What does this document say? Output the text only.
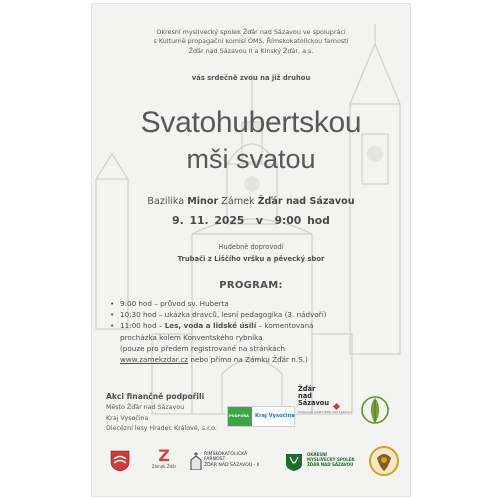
Okresní myslivecký spolek Žďár nad Sázavou ve spolupráci
s Kulturně propagační komisí OMS, Římskokatolickou farností
Žďár nad Sázavou II a Kinský Žďár, a.s.
vás srdečně zvou na již druhou
Svatohubertskou
mši svatou
Bazilika Minor Zámek Žďár nad Sázavou
9. 11. 2025  v  9:00 hod
Hudebně doprovodí
Trubači z Liščího vršku a pěvecký sbor
PROGRAM:
• 9:00 hod – průvod sv. Huberta
• 10:30 hod – ukázka dravců, lesní pedagogika (3. nádvoří)
• 11:00 hod – Les, voda a lidské úsilí – komentovaná
procházka kolem Konventského rybníka
(pouze pro předem registrované na stránkách
www.zamekzdar.cz nebo přímo na Zámku Žďár n.S.)
Akci finančně podpořili
Město Žďár nad Sázavou
Kraj Vysočina
Diecézní lesy Hradec Králové, s.r.o.
PODPORA Kraj Vysočina
Žďár
nad
Sázavou
Podporuje město Žďár nad Sázavou
Z
Zámek Žďár
ŘÍMSKOKATOLICKÁ
FARNOST
ŽĎÁR NAD SÁZAVOU - II
OKRESNÍ
MYSLIVECKÝ SPOLEK
ŽĎÁR NAD SÁZAVOU
